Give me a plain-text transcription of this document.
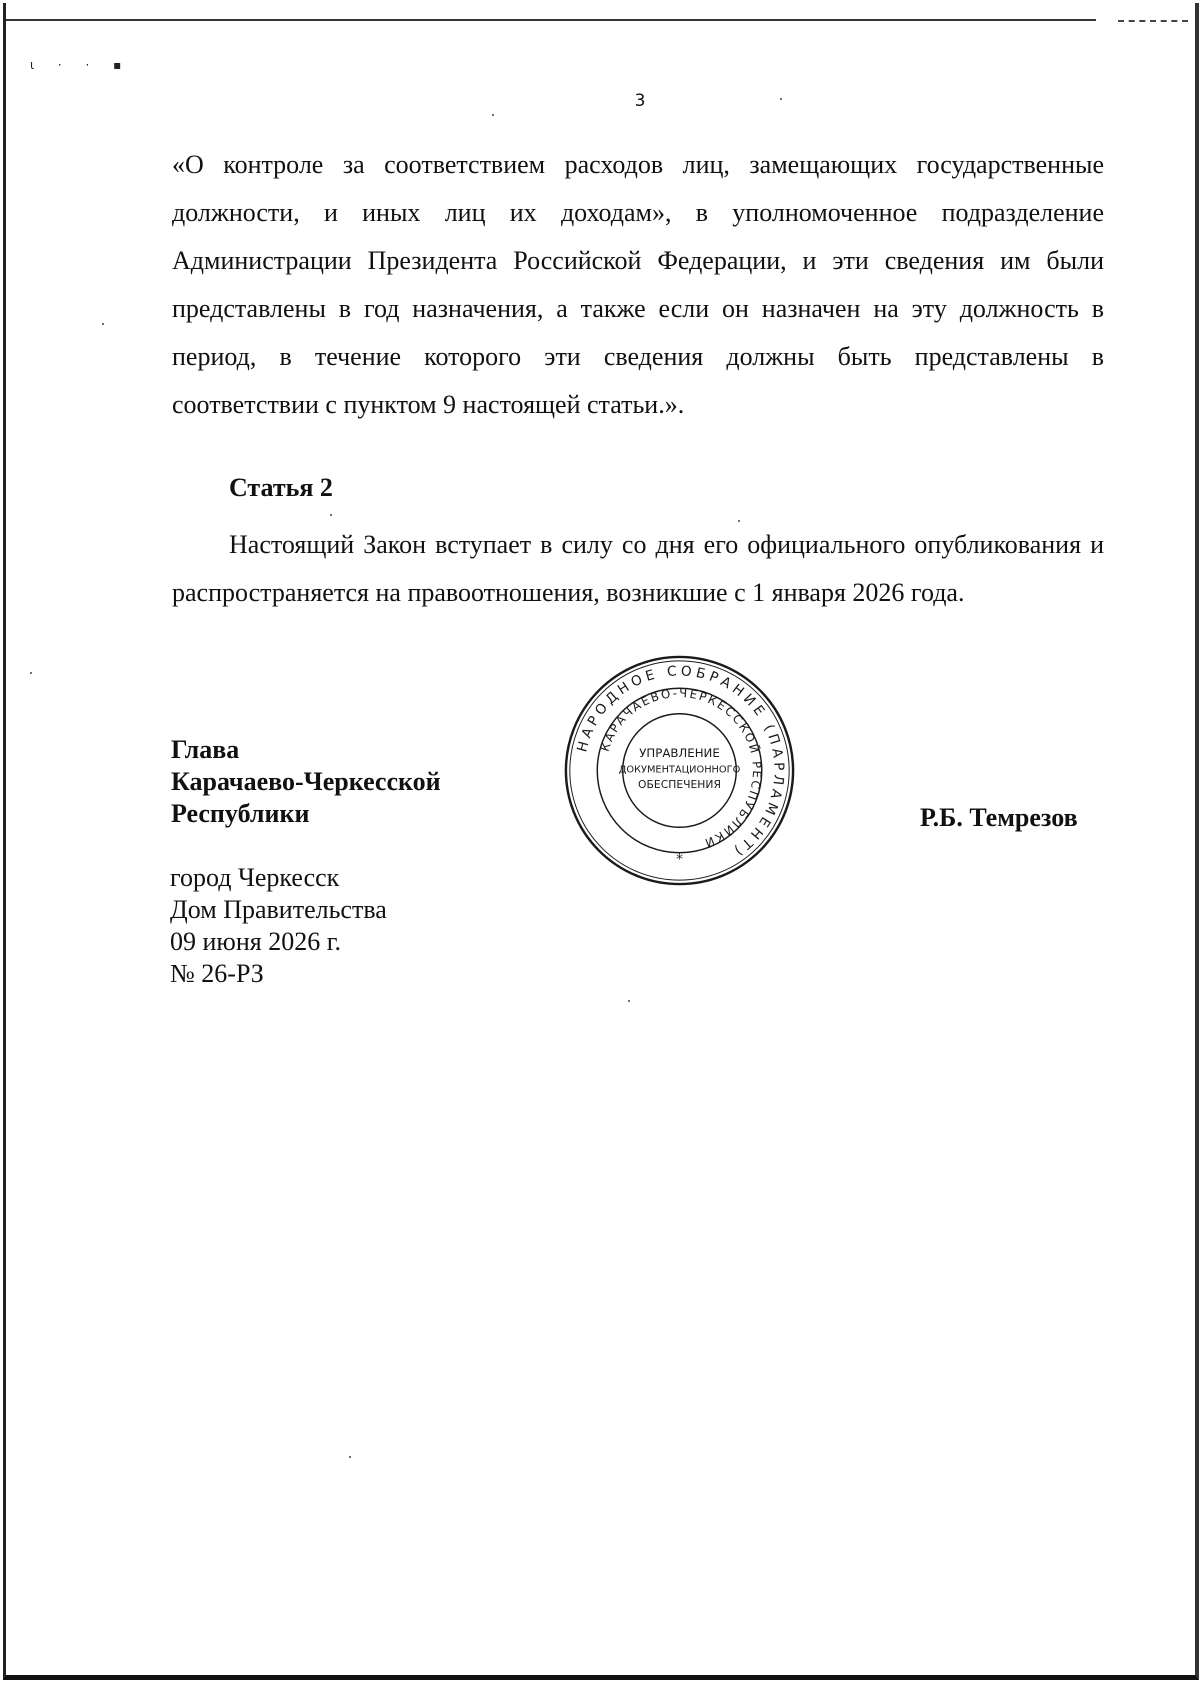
ι · · ▪
3

«О контроле за соответствием расходов лиц, замещающих государственные должности, и иных лиц их доходам», в уполномоченное подразделение Администрации Президента Российской Федерации, и эти сведения им были представлены в год назначения, а также если он назначен на эту должность в период, в течение которого эти сведения должны быть представлены в соответствии с пунктом 9 настоящей статьи.».

Статья 2

Настоящий Закон вступает в силу со дня его официального опубликования и распространяется на правоотношения, возникшие с 1 января 2026 года.

Глава
Карачаево-Черкесской
Республики	Р.Б. Темрезов
город Черкесск
Дом Правительства
09 июня 2026 г.
№ 26-РЗ
НАРОДНОЕ СОБРАНИЕ (ПАРЛАМЕНТ)
КАРАЧАЕВО-ЧЕРКЕССКОЙ РЕСПУБЛИКИ
УПРАВЛЕНИЕ
ДОКУМЕНТАЦИОННОГО
ОБЕСПЕЧЕНИЯ
*
